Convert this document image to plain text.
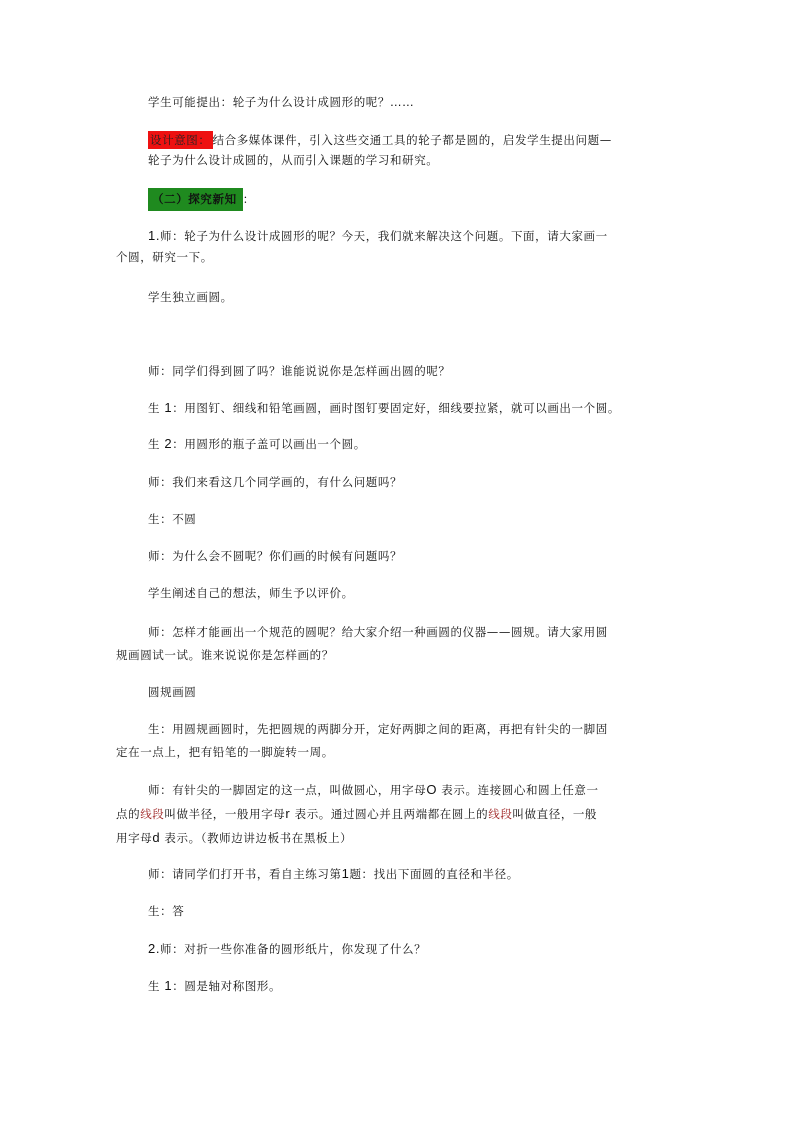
学生可能提出：轮子为什么设计成圆形的呢？……
设计意图： 结合多媒体课件，引入这些交通工具的轮子都是圆的，启发学生提出问题—
轮子为什么设计成圆的，从而引入课题的学习和研究。
（二）探究新知 ：
1.师：轮子为什么设计成圆形的呢？今天，我们就来解决这个问题。下面，请大家画一
个圆，研究一下。
学生独立画圆。
师：同学们得到圆了吗？谁能说说你是怎样画出圆的呢？
生 1：用图钉、细线和铅笔画圆，画时图钉要固定好，细线要拉紧，就可以画出一个圆。
生 2：用圆形的瓶子盖可以画出一个圆。
师：我们来看这几个同学画的，有什么问题吗？
生：不圆
师：为什么会不圆呢？你们画的时候有问题吗？
学生阐述自己的想法，师生予以评价。
师：怎样才能画出一个规范的圆呢？给大家介绍一种画圆的仪器——圆规。请大家用圆
规画圆试一试。谁来说说你是怎样画的？
圆规画圆
生：用圆规画圆时，先把圆规的两脚分开，定好两脚之间的距离，再把有针尖的一脚固
定在一点上，把有铅笔的一脚旋转一周。
师：有针尖的一脚固定的这一点，叫做圆心，用字母O 表示。连接圆心和圆上任意一
点的线段叫做半径，一般用字母r 表示。通过圆心并且两端都在圆上的线段叫做直径，一般
用字母d 表示。（教师边讲边板书在黑板上）
师：请同学们打开书，看自主练习第1题：找出下面圆的直径和半径。
生：答
2.师：对折一些你准备的圆形纸片，你发现了什么？
生 1：圆是轴对称图形。
